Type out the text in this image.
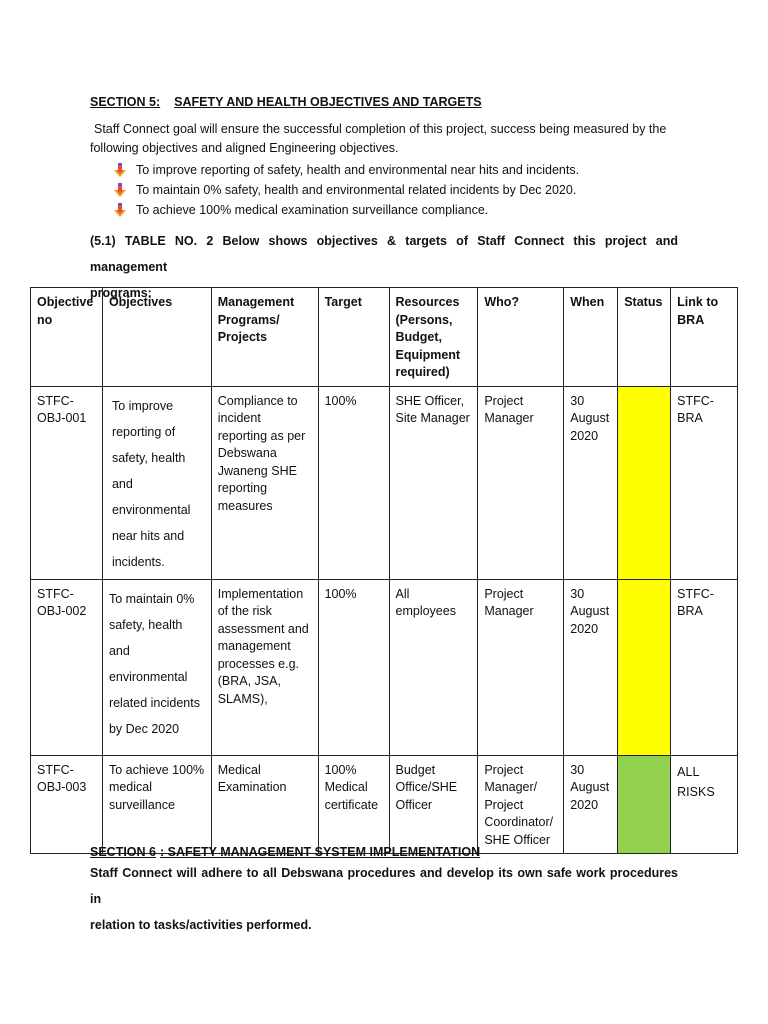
SECTION 5: SAFETY AND HEALTH OBJECTIVES AND TARGETS
Staff Connect goal will ensure the successful completion of this project, success being measured by the
following objectives and aligned Engineering objectives.
To improve reporting of safety, health and environmental near hits and incidents.
To maintain 0% safety, health and environmental related incidents by Dec 2020.
To achieve 100% medical examination surveillance compliance.
(5.1) TABLE NO. 2 Below shows objectives & targets of Staff Connect this project and management
programs:
Objective no	Objectives	Management Programs/ Projects	Target	Resources (Persons, Budget, Equipment required)	Who?	When	Status	Link to BRA
STFC-OBJ-001	To improve reporting of safety, health and environmental near hits and incidents.	Compliance to incident reporting as per Debswana Jwaneng SHE reporting measures	100%	SHE Officer, Site Manager	Project Manager	30 August 2020		STFC-BRA
STFC-OBJ-002	To maintain 0% safety, health and environmental related incidents by Dec 2020	Implementation of the risk assessment and management processes e.g. (BRA, JSA, SLAMS),	100%	All employees	Project Manager	30 August 2020		STFC-BRA
STFC-OBJ-003	To achieve 100% medical surveillance	Medical Examination	100% Medical certificate	Budget Office/SHE Officer	Project Manager/ Project Coordinator/ SHE Officer	30 August 2020		ALL RISKS
SECTION 6 : SAFETY MANAGEMENT SYSTEM IMPLEMENTATION
Staff Connect will adhere to all Debswana procedures and develop its own safe work procedures in
relation to tasks/activities performed.
